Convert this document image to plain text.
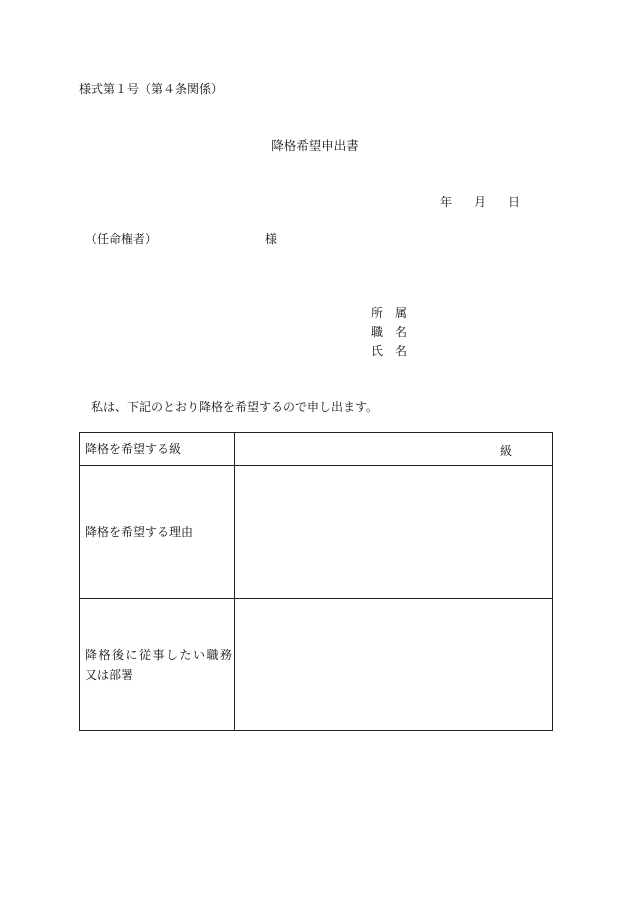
様式第１号（第４条関係）
降格希望申出書
年 月 日
（任命権者）	様
所 属
職 名
氏 名
私は、下記のとおり降格を希望するので申し出ます。
降格を希望する級	級

降格を希望する理由	

降格後に従事したい職務
又は部署	
